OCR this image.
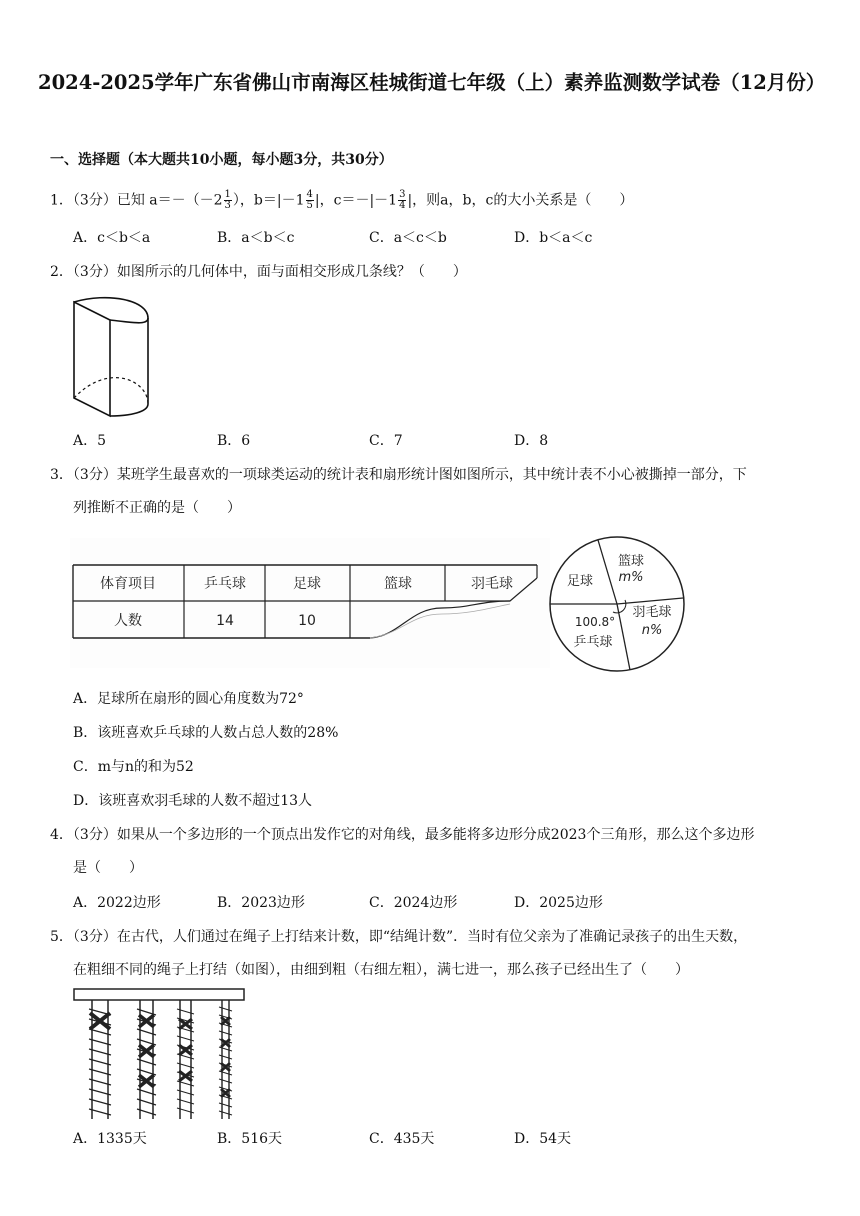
2024-2025学年广东省佛山市南海区桂城街道七年级（上）素养监测数学试卷（12月份）
一、选择题（本大题共10小题，每小题3分，共30分）
1．（3分）已知 $a=-(-2 \frac{1}{3}$ ），$b=|-1 \frac{4}{5}$ |，$c=-|-1 \frac{3}{4}$ |，则a，b，c的大小关系是（　　）
A．c＜b＜a	B．a＜b＜c	C．a＜c＜b	D．b＜a＜c
2．（3分）如图所示的几何体中，面与面相交形成几条线？（　　）
A．5	B．6	C．7	D．8
3．（3分）某班学生最喜欢的一项球类运动的统计表和扇形统计图如图所示，其中统计表不小心被撕掉一部分，下
列推断不正确的是（　　）
体育项目	乒乓球	足球	篮球	羽毛球
人数	14	10
足球
篮球
m%
羽毛球
n%
100.8°
乒乓球
A．足球所在扇形的圆心角度数为72°
B．该班喜欢乒乓球的人数占总人数的28%
C．m与n的和为52
D．该班喜欢羽毛球的人数不超过13人
4．（3分）如果从一个多边形的一个顶点出发作它的对角线，最多能将多边形分成2023个三角形，那么这个多边形
是（　　）
A．2022边形	B．2023边形	C．2024边形	D．2025边形
5．（3分）在古代，人们通过在绳子上打结来计数，即“结绳计数”．当时有位父亲为了准确记录孩子的出生天数，
在粗细不同的绳子上打结（如图），由细到粗（右细左粗），满七进一，那么孩子已经出生了（　　）
A．1335天	B．516天	C．435天	D．54天
